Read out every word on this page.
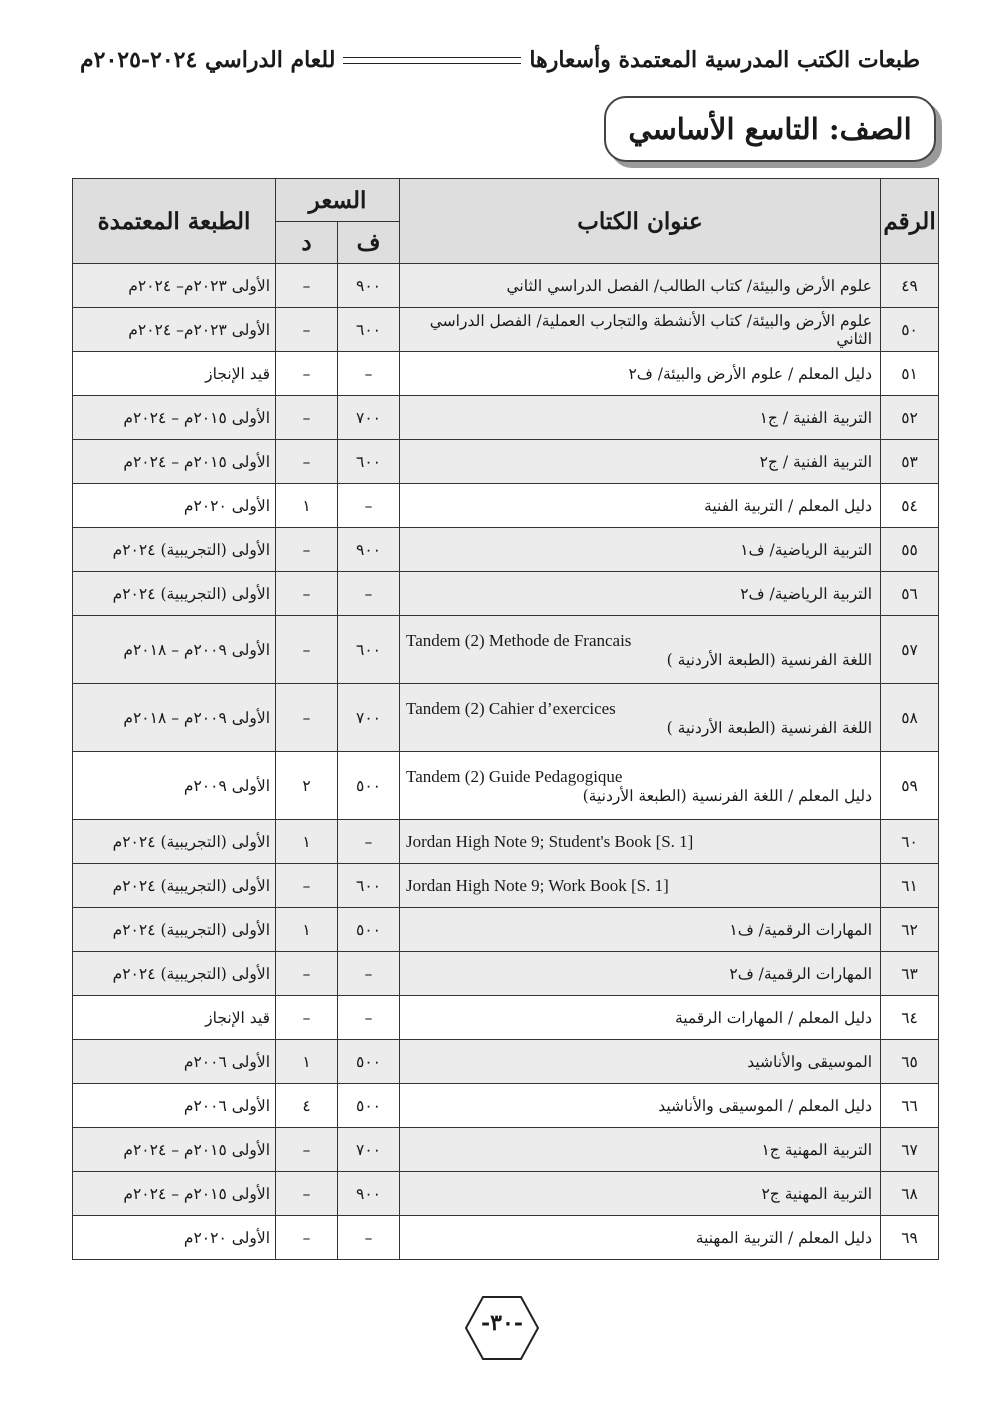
طبعات الكتب المدرسية المعتمدة وأسعارها
للعام الدراسي ٢٠٢٤-٢٠٢٥م
الصف: التاسع الأساسي
الرقم	عنوان الكتاب	السعر		الطبعة المعتمدة
		ف	د	
٤٩	علوم الأرض والبيئة/ كتاب الطالب/ الفصل الدراسي الثاني	٩٠٠	–	الأولى ٢٠٢٣م– ٢٠٢٤م
٥٠	علوم الأرض والبيئة/ كتاب الأنشطة والتجارب العملية/ الفصل الدراسي الثاني	٦٠٠	–	الأولى ٢٠٢٣م– ٢٠٢٤م
٥١	دليل المعلم / علوم الأرض والبيئة/ ف٢	–	–	قيد الإنجاز
٥٢	التربية الفنية / ج١	٧٠٠	–	الأولى ٢٠١٥م – ٢٠٢٤م
٥٣	التربية الفنية / ج٢	٦٠٠	–	الأولى ٢٠١٥م – ٢٠٢٤م
٥٤	دليل المعلم / التربية الفنية	–	١	الأولى ٢٠٢٠م
٥٥	التربية الرياضية/ ف١	٩٠٠	–	الأولى (التجريبية) ٢٠٢٤م
٥٦	التربية الرياضية/ ف٢	–	–	الأولى (التجريبية) ٢٠٢٤م
٥٧	Tandem (2) Methode de Francais
اللغة الفرنسية (الطبعة الأردنية )	٦٠٠	–	الأولى ٢٠٠٩م – ٢٠١٨م
٥٨	Tandem (2) Cahier d’exercices
اللغة الفرنسية (الطبعة الأردنية )	٧٠٠	–	الأولى ٢٠٠٩م – ٢٠١٨م
٥٩	Tandem (2) Guide Pedagogique
دليل المعلم / اللغة الفرنسية (الطبعة الأردنية)	٥٠٠	٢	الأولى ٢٠٠٩م
٦٠	Jordan High Note 9; Student's Book [S. 1]	–	١	الأولى (التجريبية) ٢٠٢٤م
٦١	Jordan High Note 9; Work Book [S. 1]	٦٠٠	–	الأولى (التجريبية) ٢٠٢٤م
٦٢	المهارات الرقمية/ ف١	٥٠٠	١	الأولى (التجريبية) ٢٠٢٤م
٦٣	المهارات الرقمية/ ف٢	–	–	الأولى (التجريبية) ٢٠٢٤م
٦٤	دليل المعلم / المهارات الرقمية	–	–	قيد الإنجاز
٦٥	الموسيقى والأناشيد	٥٠٠	١	الأولى ٢٠٠٦م
٦٦	دليل المعلم / الموسيقى والأناشيد	٥٠٠	٤	الأولى ٢٠٠٦م
٦٧	التربية المهنية ج١	٧٠٠	–	الأولى ٢٠١٥م – ٢٠٢٤م
٦٨	التربية المهنية ج٢	٩٠٠	–	الأولى ٢٠١٥م – ٢٠٢٤م
٦٩	دليل المعلم / التربية المهنية	–	–	الأولى ٢٠٢٠م
-٣٠-
